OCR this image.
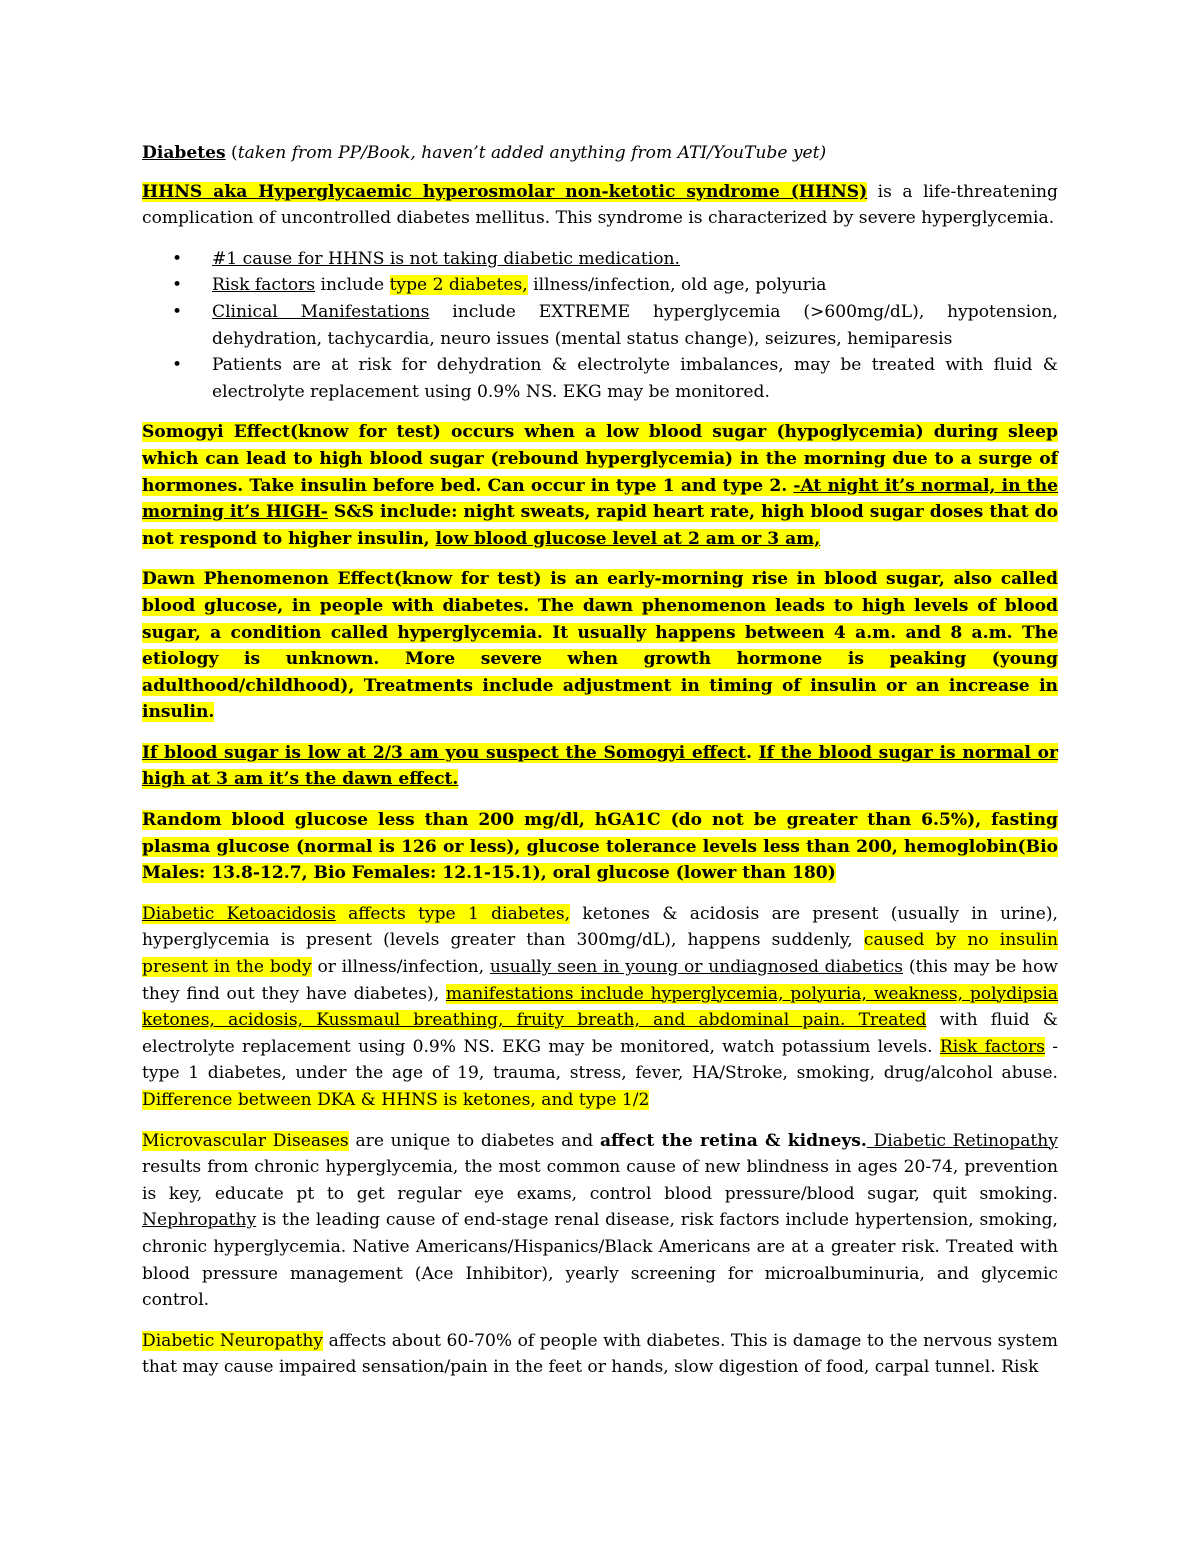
Diabetes (taken from PP/Book, haven’t added anything from ATI/YouTube yet)

HHNS aka Hyperglycaemic hyperosmolar non-ketotic syndrome (HHNS) is a life-threatening complication of uncontrolled diabetes mellitus. This syndrome is characterized by severe hyperglycemia.

• #1 cause for HHNS is not taking diabetic medication.
• Risk factors include type 2 diabetes, illness/infection, old age, polyuria
• Clinical Manifestations include EXTREME hyperglycemia (>600mg/dL), hypotension, dehydration, tachycardia, neuro issues (mental status change), seizures, hemiparesis
• Patients are at risk for dehydration & electrolyte imbalances, may be treated with fluid & electrolyte replacement using 0.9% NS. EKG may be monitored.

Somogyi Effect(know for test) occurs when a low blood sugar (hypoglycemia) during sleep which can lead to high blood sugar (rebound hyperglycemia) in the morning due to a surge of hormones. Take insulin before bed. Can occur in type 1 and type 2. -At night it’s normal, in the morning it’s HIGH- S&S include: night sweats, rapid heart rate, high blood sugar doses that do not respond to higher insulin, low blood glucose level at 2 am or 3 am,

Dawn Phenomenon Effect(know for test) is an early-morning rise in blood sugar, also called blood glucose, in people with diabetes. The dawn phenomenon leads to high levels of blood sugar, a condition called hyperglycemia. It usually happens between 4 a.m. and 8 a.m. The etiology is unknown. More severe when growth hormone is peaking (young adulthood/childhood), Treatments include adjustment in timing of insulin or an increase in insulin.

If blood sugar is low at 2/3 am you suspect the Somogyi effect. If the blood sugar is normal or high at 3 am it’s the dawn effect.

Random blood glucose less than 200 mg/dl, hGA1C (do not be greater than 6.5%), fasting plasma glucose (normal is 126 or less), glucose tolerance levels less than 200, hemoglobin(Bio Males: 13.8-12.7, Bio Females: 12.1-15.1), oral glucose (lower than 180)

Diabetic Ketoacidosis affects type 1 diabetes, ketones & acidosis are present (usually in urine), hyperglycemia is present (levels greater than 300mg/dL), happens suddenly, caused by no insulin present in the body or illness/infection, usually seen in young or undiagnosed diabetics (this may be how they find out they have diabetes), manifestations include hyperglycemia, polyuria, weakness, polydipsia ketones, acidosis, Kussmaul breathing, fruity breath, and abdominal pain. Treated with fluid & electrolyte replacement using 0.9% NS. EKG may be monitored, watch potassium levels. Risk factors - type 1 diabetes, under the age of 19, trauma, stress, fever, HA/Stroke, smoking, drug/alcohol abuse. Difference between DKA & HHNS is ketones, and type 1/2

Microvascular Diseases are unique to diabetes and affect the retina & kidneys. Diabetic Retinopathy results from chronic hyperglycemia, the most common cause of new blindness in ages 20-74, prevention is key, educate pt to get regular eye exams, control blood pressure/blood sugar, quit smoking. Nephropathy is the leading cause of end-stage renal disease, risk factors include hypertension, smoking, chronic hyperglycemia. Native Americans/Hispanics/Black Americans are at a greater risk. Treated with blood pressure management (Ace Inhibitor), yearly screening for microalbuminuria, and glycemic control.

Diabetic Neuropathy affects about 60-70% of people with diabetes. This is damage to the nervous system that may cause impaired sensation/pain in the feet or hands, slow digestion of food, carpal tunnel. Risk
